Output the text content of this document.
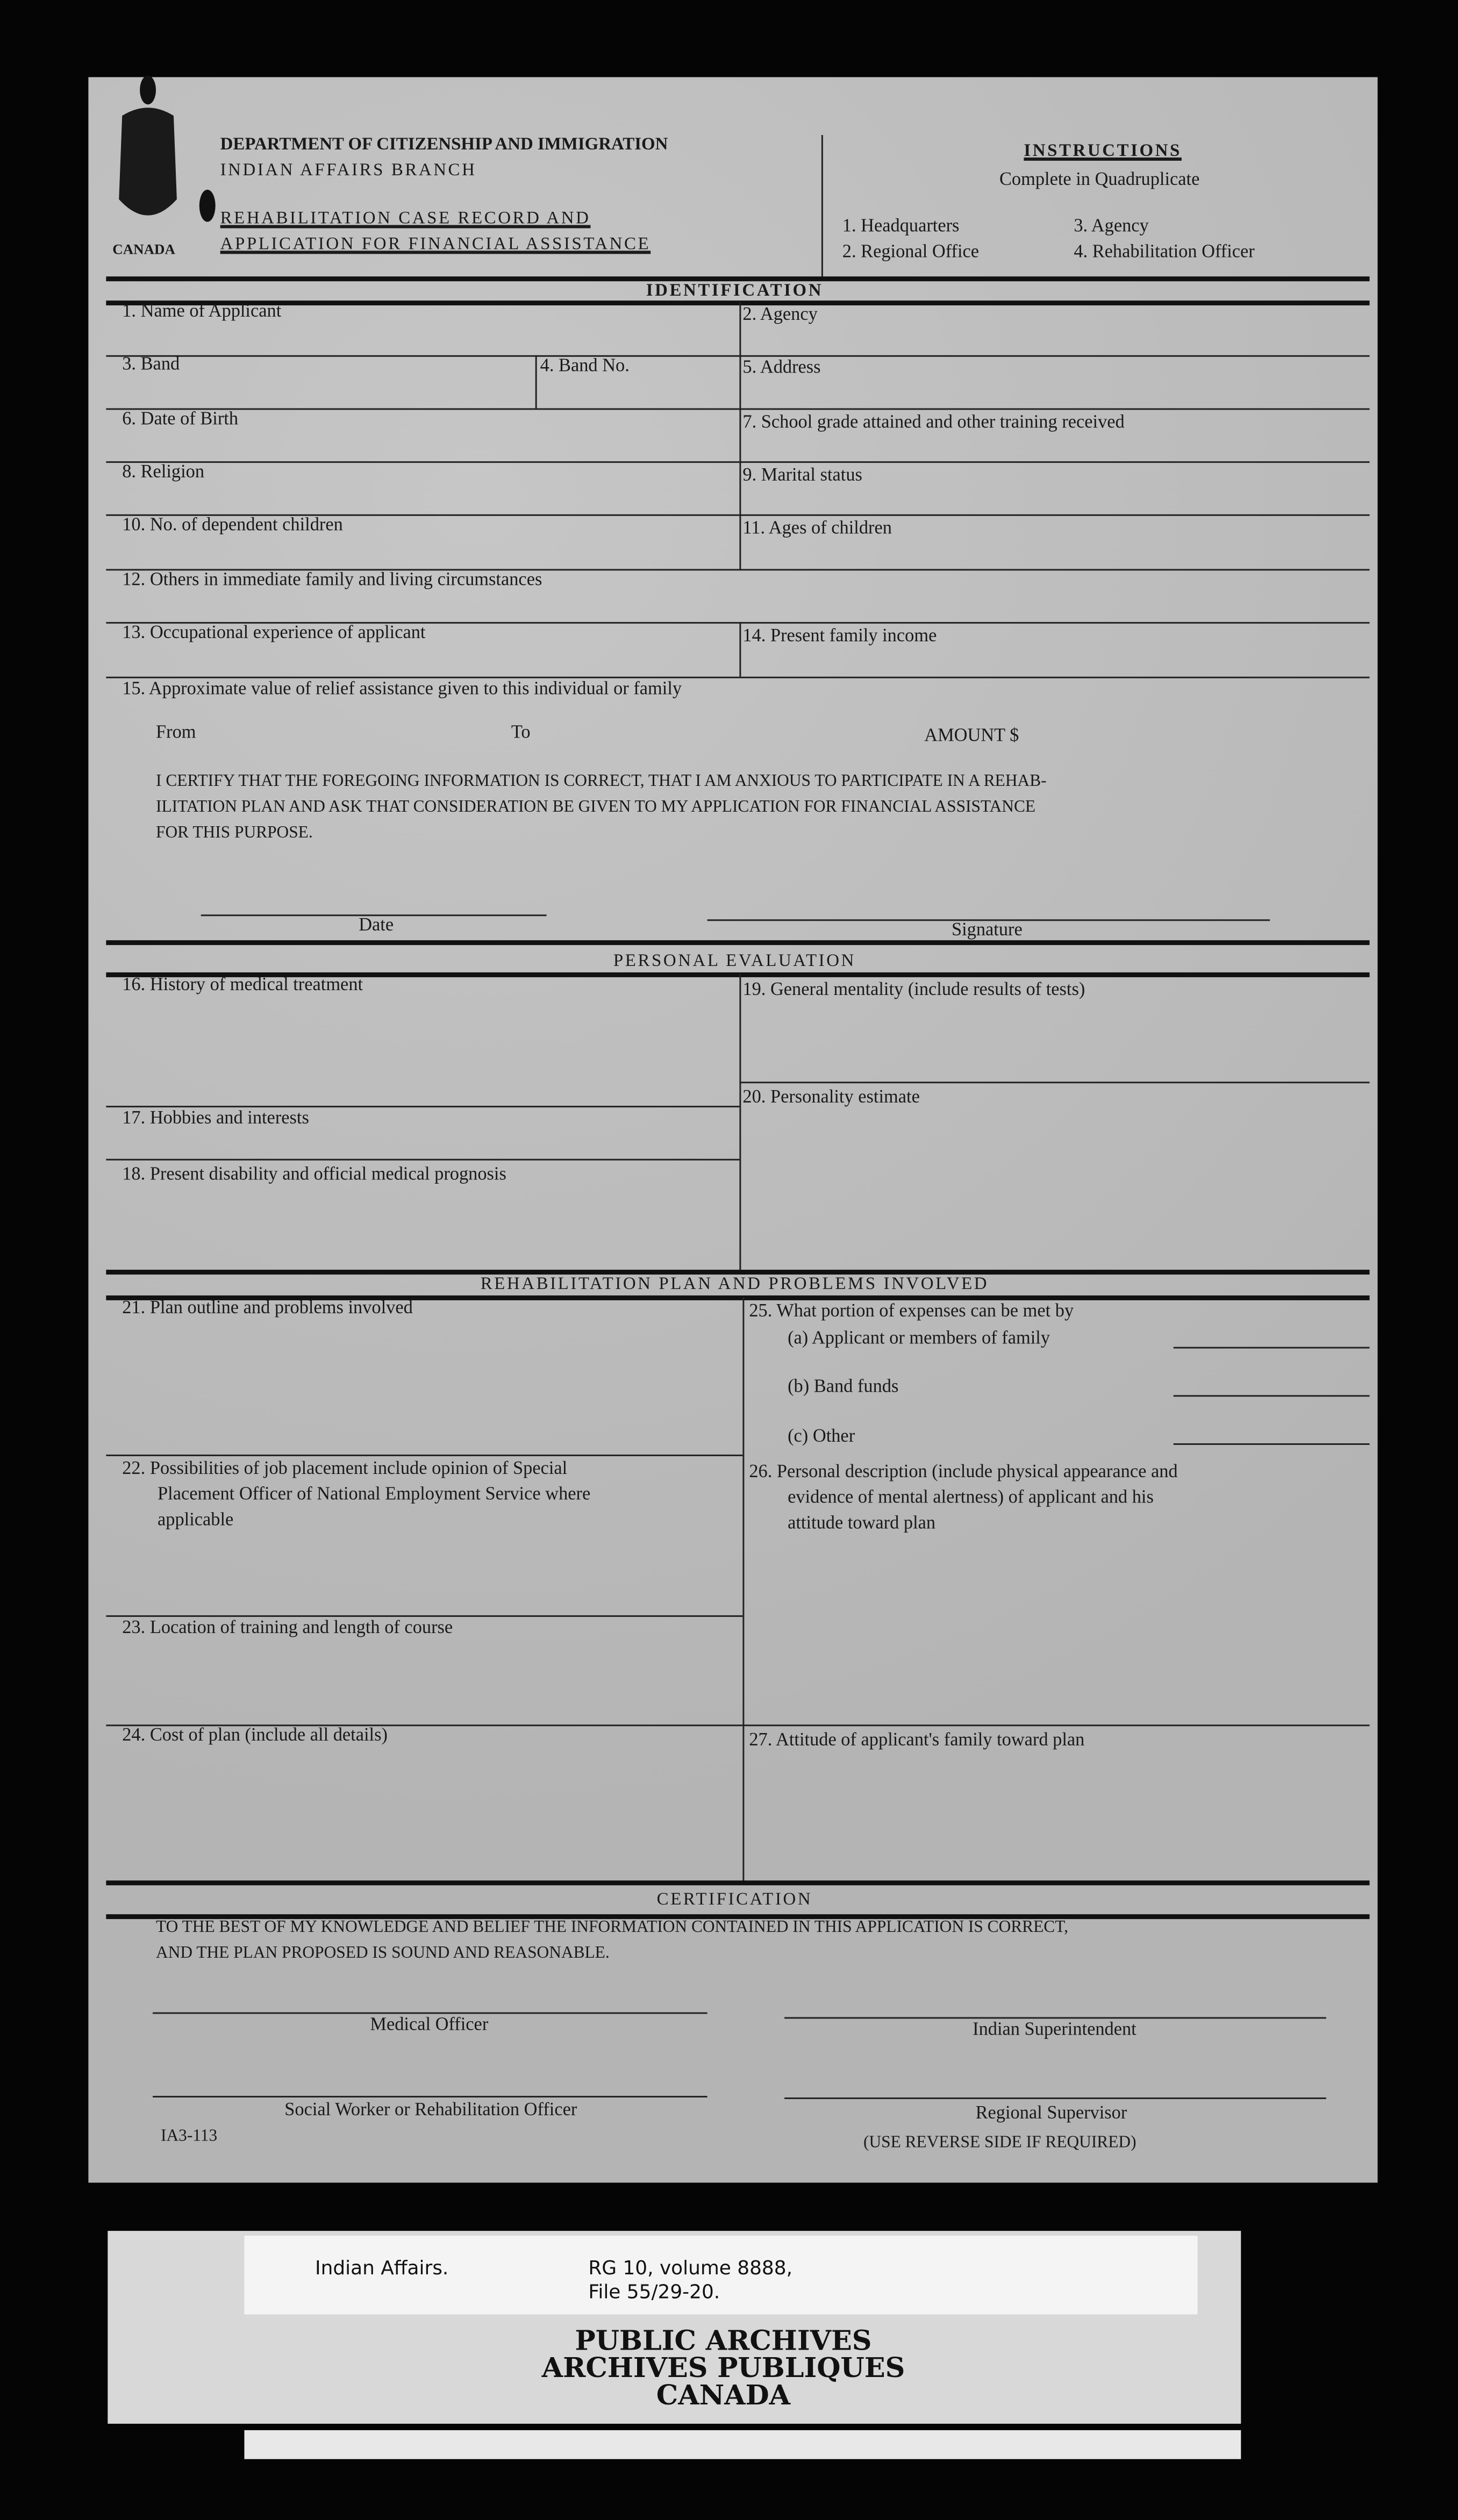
CANADA
DEPARTMENT OF CITIZENSHIP AND IMMIGRATION
INDIAN AFFAIRS BRANCH
REHABILITATION CASE RECORD AND
APPLICATION FOR FINANCIAL ASSISTANCE
INSTRUCTIONS
Complete in Quadruplicate
1. Headquarters
2. Regional Office
3. Agency
4. Rehabilitation Officer
IDENTIFICATION
1. Name of Applicant	2. Agency
3. Band	4. Band No.	5. Address
6. Date of Birth	7. School grade attained and other training received
8. Religion	9. Marital status
10. No. of dependent children	11. Ages of children
12. Others in immediate family and living circumstances
13. Occupational experience of applicant	14. Present family income
15. Approximate value of relief assistance given to this individual or family
From	To	AMOUNT $
I CERTIFY THAT THE FOREGOING INFORMATION IS CORRECT, THAT I AM ANXIOUS TO PARTICIPATE IN A REHAB-
ILITATION PLAN AND ASK THAT CONSIDERATION BE GIVEN TO MY APPLICATION FOR FINANCIAL ASSISTANCE
FOR THIS PURPOSE.
Date	Signature
PERSONAL EVALUATION
16. History of medical treatment	19. General mentality (include results of tests)
20. Personality estimate
17. Hobbies and interests
18. Present disability and official medical prognosis
REHABILITATION PLAN AND PROBLEMS INVOLVED
21. Plan outline and problems involved	25. What portion of expenses can be met by
(a) Applicant or members of family
(b) Band funds
(c) Other
22. Possibilities of job placement include opinion of Special
Placement Officer of National Employment Service where
applicable
26. Personal description (include physical appearance and
evidence of mental alertness) of applicant and his
attitude toward plan
23. Location of training and length of course
24. Cost of plan (include all details)	27. Attitude of applicant's family toward plan
CERTIFICATION
TO THE BEST OF MY KNOWLEDGE AND BELIEF THE INFORMATION CONTAINED IN THIS APPLICATION IS CORRECT,
AND THE PLAN PROPOSED IS SOUND AND REASONABLE.
Medical Officer	Indian Superintendent
Social Worker or Rehabilitation Officer	Regional Supervisor
(USE REVERSE SIDE IF REQUIRED)
IA3-113
Indian Affairs.	RG 10, volume 8888,
File 55/29-20.
PUBLIC ARCHIVES
ARCHIVES PUBLIQUES
CANADA
